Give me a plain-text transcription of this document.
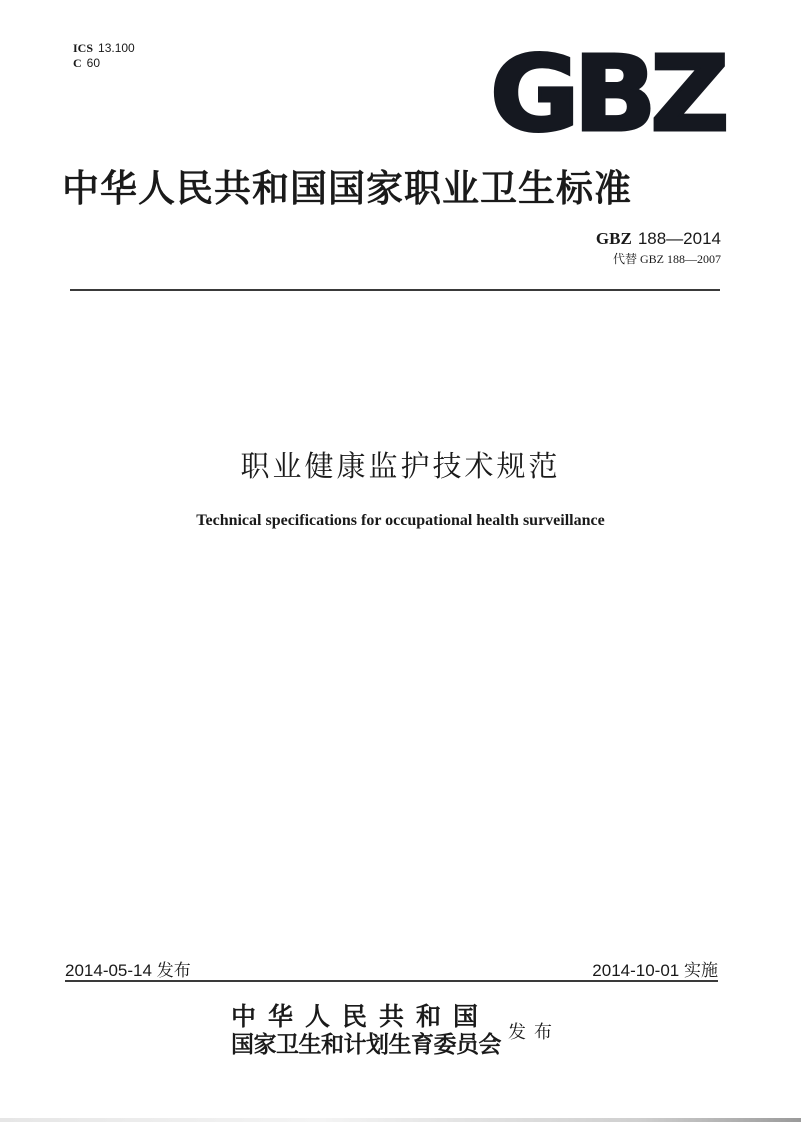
ICS 13.100
C 60	GBZ
中华人民共和国国家职业卫生标准
GBZ 188—2014
代替 GBZ 188—2007
职业健康监护技术规范
Technical specifications for occupational health surveillance
2014-05-14 发布	2014-10-01 实施
中华人民共和国
国家卫生和计划生育委员会 发布
